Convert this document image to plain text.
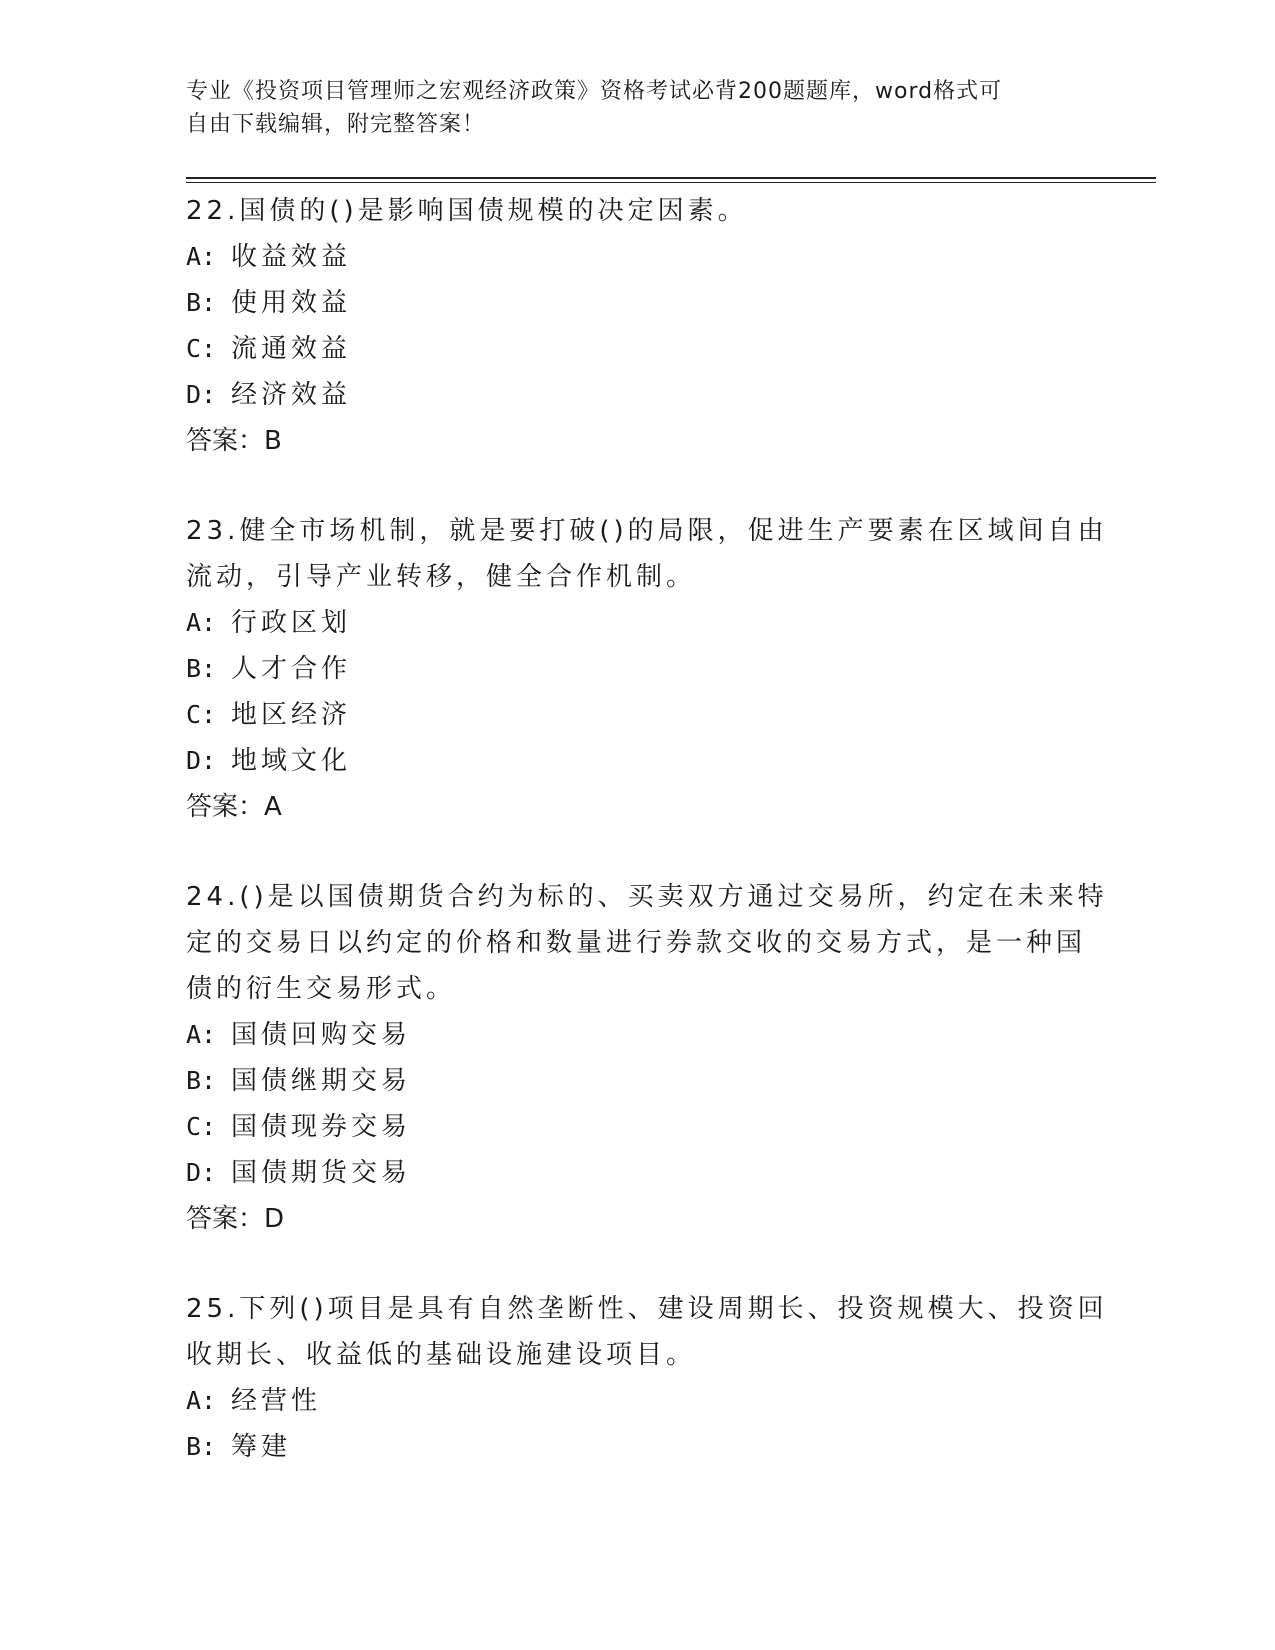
专业《投资项目管理师之宏观经济政策》资格考试必背200题题库，word格式可
自由下载编辑，附完整答案！
22.国债的()是影响国债规模的决定因素。
A: 收益效益
B: 使用效益
C: 流通效益
D: 经济效益
答案：B
23.健全市场机制，就是要打破()的局限，促进生产要素在区域间自由
流动，引导产业转移，健全合作机制。
A: 行政区划
B: 人才合作
C: 地区经济
D: 地域文化
答案：A
24.()是以国债期货合约为标的、买卖双方通过交易所，约定在未来特
定的交易日以约定的价格和数量进行券款交收的交易方式，是一种国
债的衍生交易形式。
A: 国债回购交易
B: 国债继期交易
C: 国债现券交易
D: 国债期货交易
答案：D
25.下列()项目是具有自然垄断性、建设周期长、投资规模大、投资回
收期长、收益低的基础设施建设项目。
A: 经营性
B: 筹建
